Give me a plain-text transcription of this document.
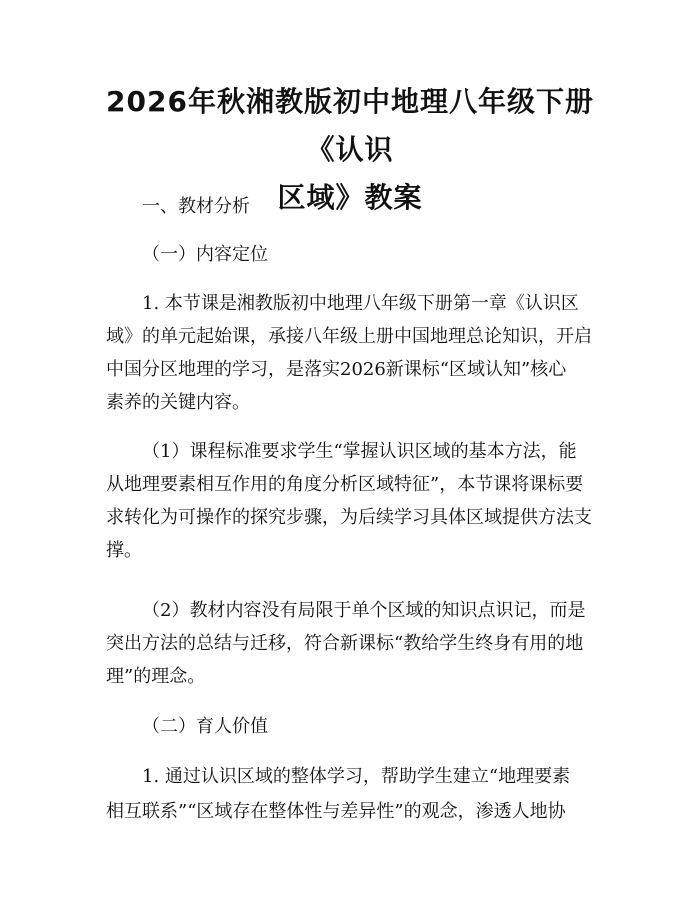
2026年秋湘教版初中地理八年级下册《认识
区域》教案
一、教材分析
（一）内容定位
1. 本节课是湘教版初中地理八年级下册第一章《认识区
域》的单元起始课，承接八年级上册中国地理总论知识，开启
中国分区地理的学习，是落实2026新课标“区域认知”核心
素养的关键内容。
（1）课程标准要求学生“掌握认识区域的基本方法，能
从地理要素相互作用的角度分析区域特征”，本节课将课标要
求转化为可操作的探究步骤，为后续学习具体区域提供方法支
撑。
（2）教材内容没有局限于单个区域的知识点识记，而是
突出方法的总结与迁移，符合新课标“教给学生终身有用的地
理”的理念。
（二）育人价值
1. 通过认识区域的整体学习，帮助学生建立“地理要素
相互联系”“区域存在整体性与差异性”的观念，渗透人地协
